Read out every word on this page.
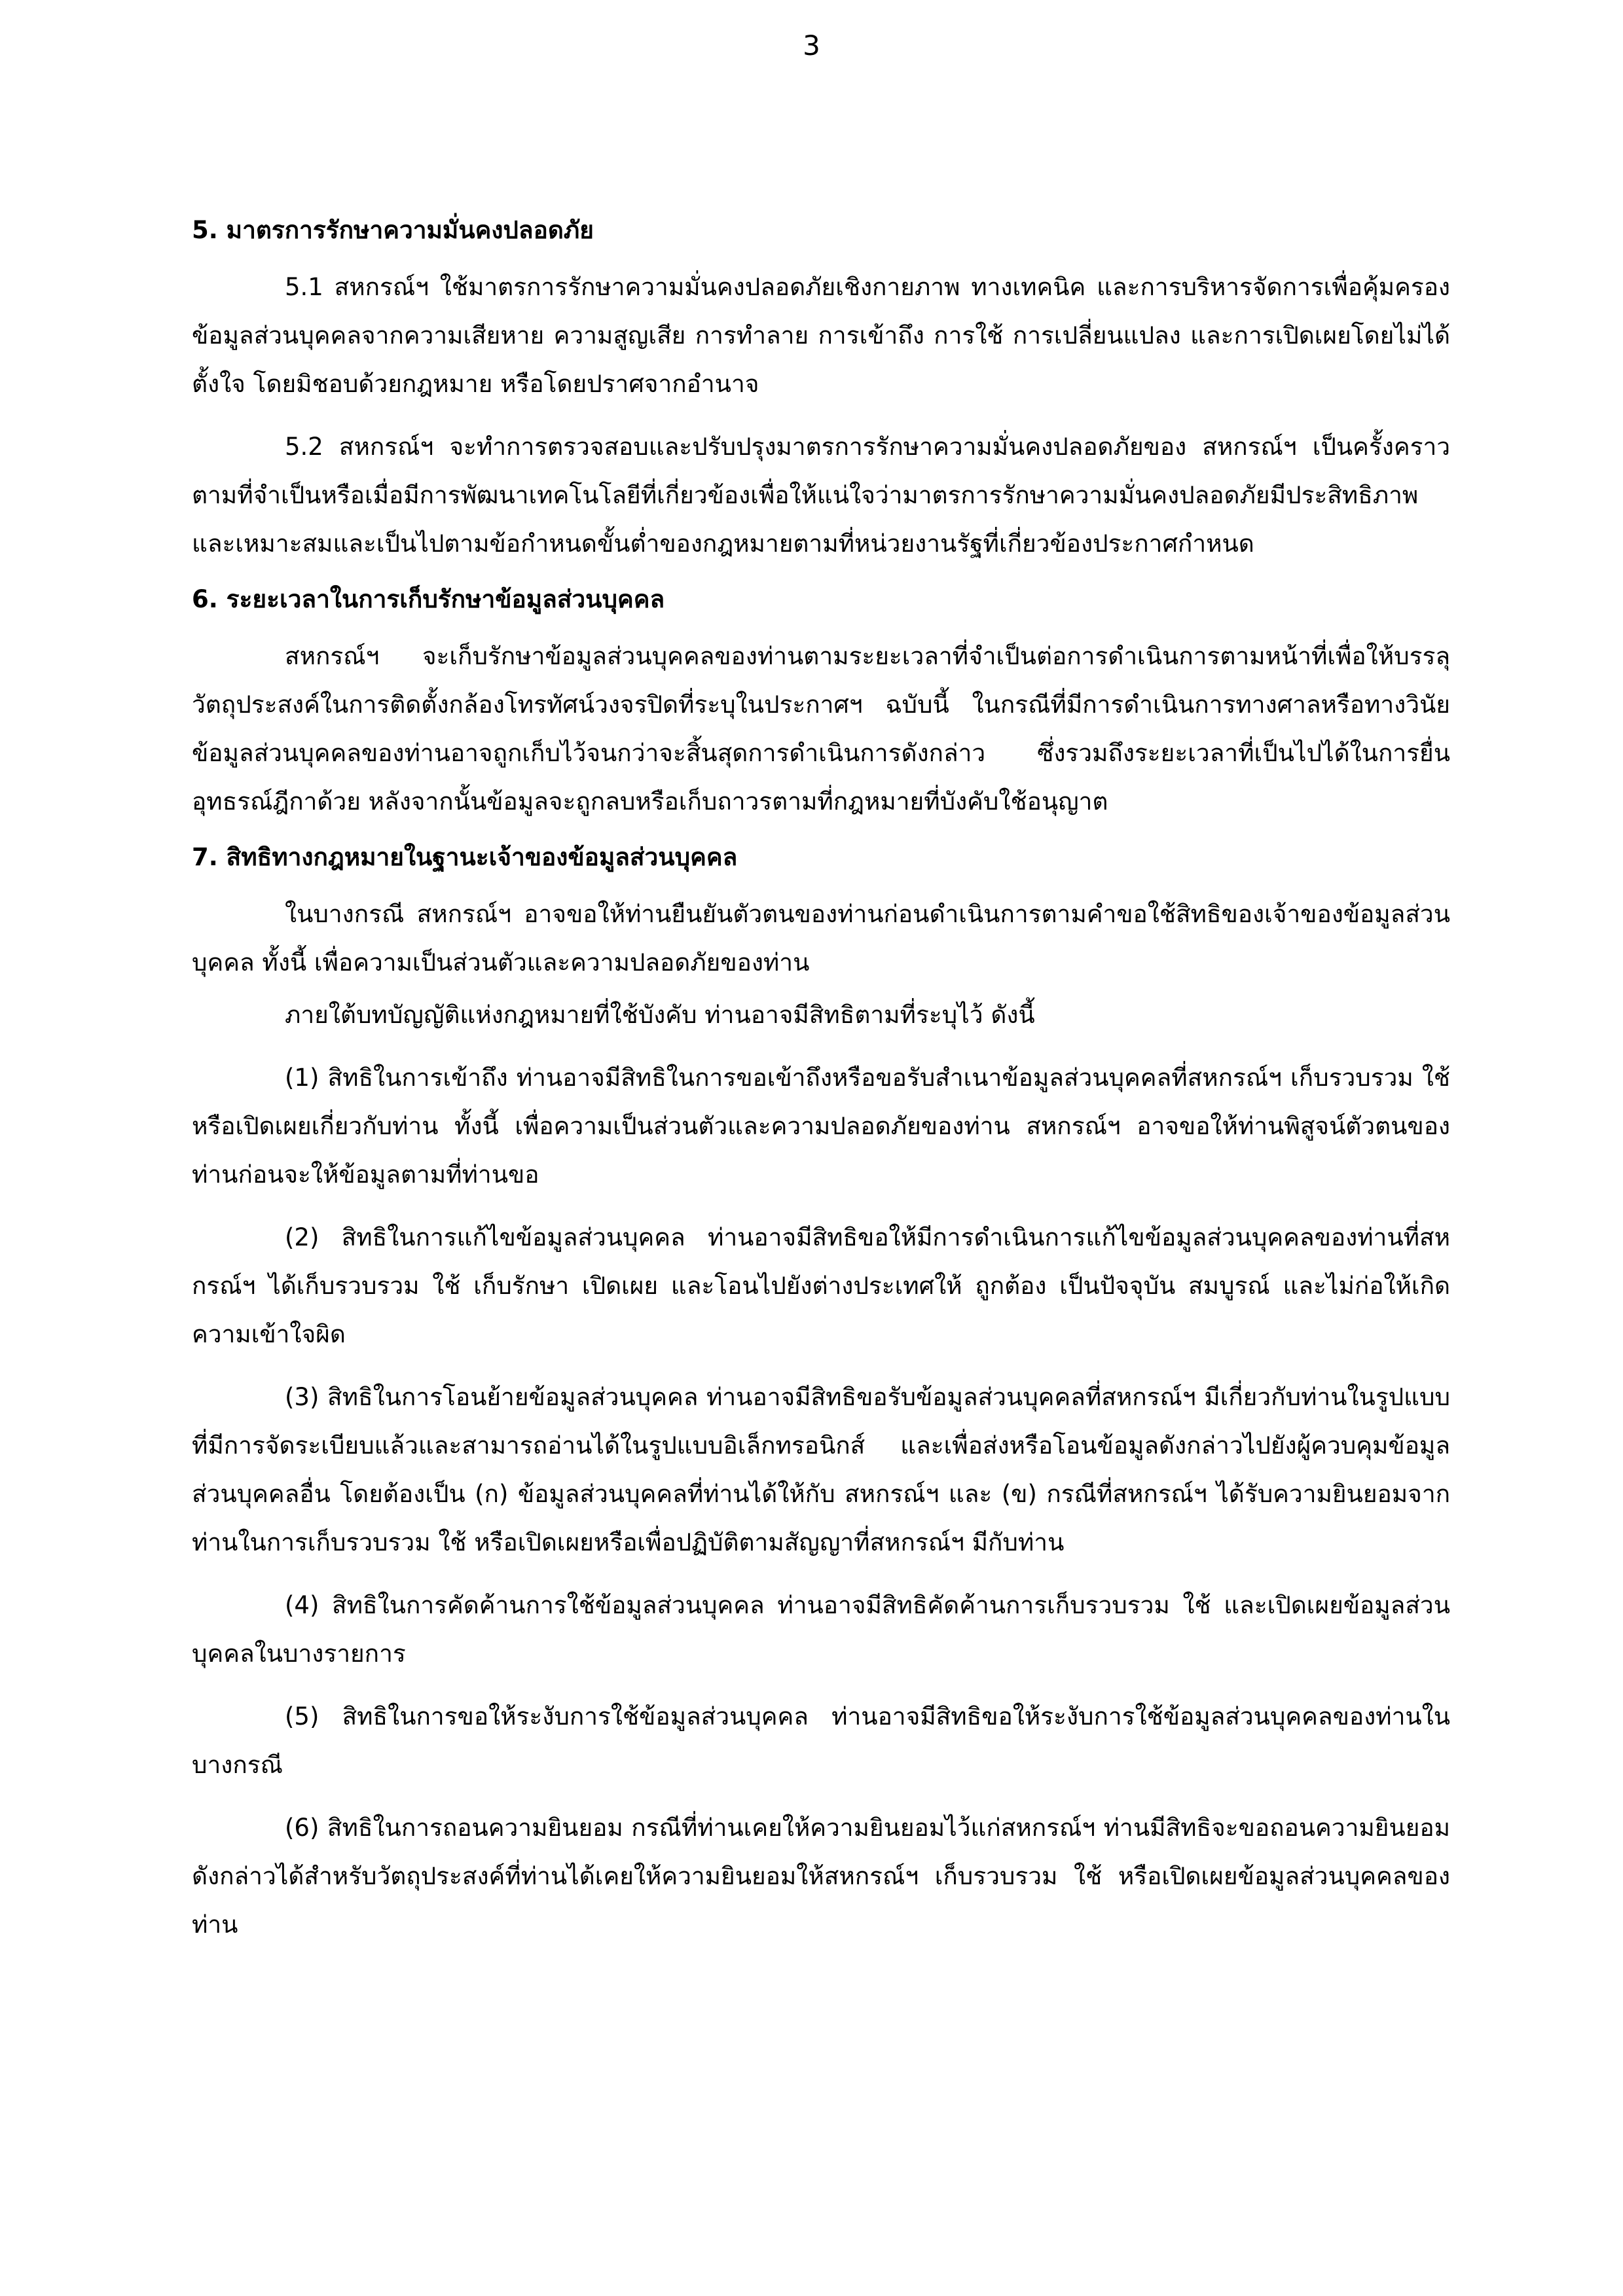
3
5. มาตรการรักษาความมั่นคงปลอดภัย

5.1 สหกรณ์ฯ ใช้มาตรการรักษาความมั่นคงปลอดภัยเชิงกายภาพ ทางเทคนิค และการบริหารจัดการเพื่อคุ้มครองข้อมูลส่วนบุคคลจากความเสียหาย ความสูญเสีย การทำลาย การเข้าถึง การใช้ การเปลี่ยนแปลง และการเปิดเผยโดยไม่ได้ตั้งใจ โดยมิชอบด้วยกฎหมาย หรือโดยปราศจากอำนาจ

5.2 สหกรณ์ฯ จะทำการตรวจสอบและปรับปรุงมาตรการรักษาความมั่นคงปลอดภัยของ สหกรณ์ฯ เป็นครั้งคราวตามที่จำเป็นหรือเมื่อมีการพัฒนาเทคโนโลยีที่เกี่ยวข้องเพื่อให้แน่ใจว่ามาตรการรักษาความมั่นคงปลอดภัยมีประสิทธิภาพและเหมาะสมและเป็นไปตามข้อกำหนดขั้นต่ำของกฎหมายตามที่หน่วยงานรัฐที่เกี่ยวข้องประกาศกำหนด

6. ระยะเวลาในการเก็บรักษาข้อมูลส่วนบุคคล

สหกรณ์ฯ จะเก็บรักษาข้อมูลส่วนบุคคลของท่านตามระยะเวลาที่จำเป็นต่อการดำเนินการตามหน้าที่เพื่อให้บรรลุวัตถุประสงค์ในการติดตั้งกล้องโทรทัศน์วงจรปิดที่ระบุในประกาศฯ ฉบับนี้ ในกรณีที่มีการดำเนินการทางศาลหรือทางวินัย ข้อมูลส่วนบุคคลของท่านอาจถูกเก็บไว้จนกว่าจะสิ้นสุดการดำเนินการดังกล่าว ซึ่งรวมถึงระยะเวลาที่เป็นไปได้ในการยื่นอุทธรณ์ฎีกาด้วย หลังจากนั้นข้อมูลจะถูกลบหรือเก็บถาวรตามที่กฎหมายที่บังคับใช้อนุญาต

7. สิทธิทางกฎหมายในฐานะเจ้าของข้อมูลส่วนบุคคล

ในบางกรณี สหกรณ์ฯ อาจขอให้ท่านยืนยันตัวตนของท่านก่อนดำเนินการตามคำขอใช้สิทธิของเจ้าของข้อมูลส่วนบุคคล ทั้งนี้ เพื่อความเป็นส่วนตัวและความปลอดภัยของท่าน

ภายใต้บทบัญญัติแห่งกฎหมายที่ใช้บังคับ ท่านอาจมีสิทธิตามที่ระบุไว้ ดังนี้

(1) สิทธิในการเข้าถึง ท่านอาจมีสิทธิในการขอเข้าถึงหรือขอรับสำเนาข้อมูลส่วนบุคคลที่สหกรณ์ฯ เก็บรวบรวม ใช้ หรือเปิดเผยเกี่ยวกับท่าน ทั้งนี้ เพื่อความเป็นส่วนตัวและความปลอดภัยของท่าน สหกรณ์ฯ อาจขอให้ท่านพิสูจน์ตัวตนของท่านก่อนจะให้ข้อมูลตามที่ท่านขอ

(2) สิทธิในการแก้ไขข้อมูลส่วนบุคคล ท่านอาจมีสิทธิขอให้มีการดำเนินการแก้ไขข้อมูลส่วนบุคคลของท่านที่สหกรณ์ฯ ได้เก็บรวบรวม ใช้ เก็บรักษา เปิดเผย และโอนไปยังต่างประเทศให้ ถูกต้อง เป็นปัจจุบัน สมบูรณ์ และไม่ก่อให้เกิดความเข้าใจผิด

(3) สิทธิในการโอนย้ายข้อมูลส่วนบุคคล ท่านอาจมีสิทธิขอรับข้อมูลส่วนบุคคลที่สหกรณ์ฯ มีเกี่ยวกับท่านในรูปแบบที่มีการจัดระเบียบแล้วและสามารถอ่านได้ในรูปแบบอิเล็กทรอนิกส์ และเพื่อส่งหรือโอนข้อมูลดังกล่าวไปยังผู้ควบคุมข้อมูลส่วนบุคคลอื่น โดยต้องเป็น (ก) ข้อมูลส่วนบุคคลที่ท่านได้ให้กับ สหกรณ์ฯ และ (ข) กรณีที่สหกรณ์ฯ ได้รับความยินยอมจากท่านในการเก็บรวบรวม ใช้ หรือเปิดเผยหรือเพื่อปฏิบัติตามสัญญาที่สหกรณ์ฯ มีกับท่าน

(4) สิทธิในการคัดค้านการใช้ข้อมูลส่วนบุคคล ท่านอาจมีสิทธิคัดค้านการเก็บรวบรวม ใช้ และเปิดเผยข้อมูลส่วนบุคคลในบางรายการ

(5) สิทธิในการขอให้ระงับการใช้ข้อมูลส่วนบุคคล ท่านอาจมีสิทธิขอให้ระงับการใช้ข้อมูลส่วนบุคคลของท่านในบางกรณี

(6) สิทธิในการถอนความยินยอม กรณีที่ท่านเคยให้ความยินยอมไว้แก่สหกรณ์ฯ ท่านมีสิทธิจะขอถอนความยินยอมดังกล่าวได้สำหรับวัตถุประสงค์ที่ท่านได้เคยให้ความยินยอมให้สหกรณ์ฯ เก็บรวบรวม ใช้ หรือเปิดเผยข้อมูลส่วนบุคคลของท่าน
